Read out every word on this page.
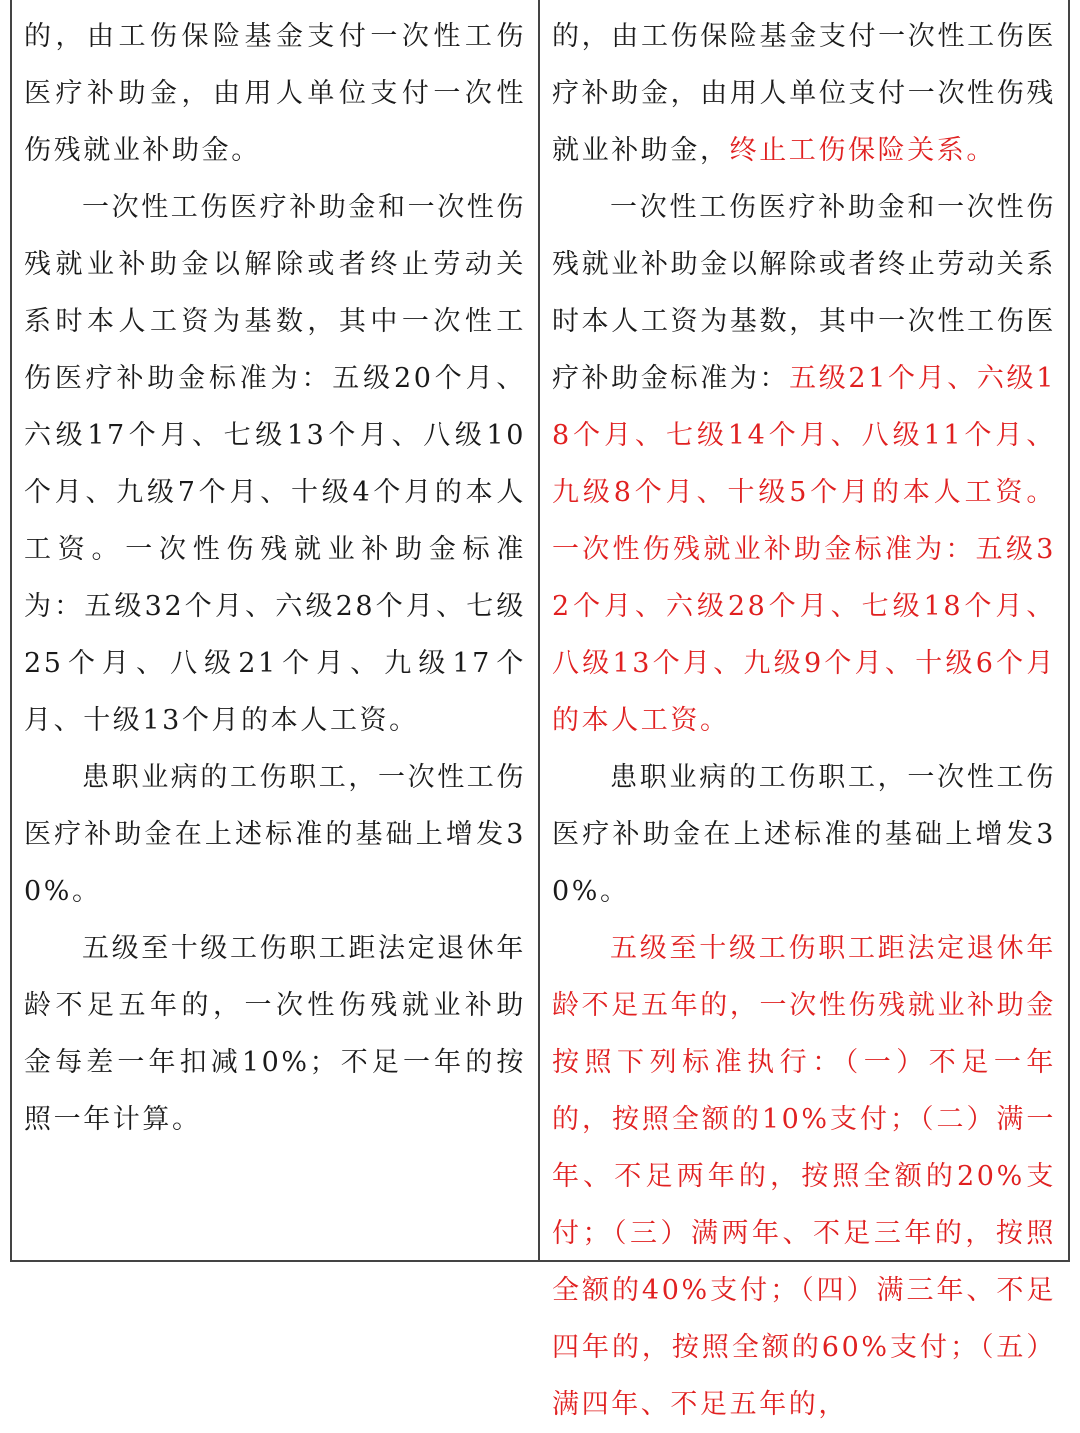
的，由工伤保险基金支付一次性工伤医疗补助金，由用人单位支付一次性伤残就业补助金。

一次性工伤医疗补助金和一次性伤残就业补助金以解除或者终止劳动关系时本人工资为基数，其中一次性工伤医疗补助金标准为：五级20个月、六级17个月、七级13个月、八级10个月、九级7个月、十级4个月的本人工资。一次性伤残就业补助金标准为：五级32个月、六级28个月、七级25个月、八级21个月、九级17个月、十级13个月的本人工资。

患职业病的工伤职工，一次性工伤医疗补助金在上述标准的基础上增发30%。

五级至十级工伤职工距法定退休年龄不足五年的，一次性伤残就业补助金每差一年扣减10%；不足一年的按照一年计算。

的，由工伤保险基金支付一次性工伤医疗补助金，由用人单位支付一次性伤残就业补助金，终止工伤保险关系。

一次性工伤医疗补助金和一次性伤残就业补助金以解除或者终止劳动关系时本人工资为基数，其中一次性工伤医疗补助金标准为：五级21个月、六级18个月、七级14个月、八级11个月、九级8个月、十级5个月的本人工资。一次性伤残就业补助金标准为：五级32个月、六级28个月、七级18个月、八级13个月、九级9个月、十级6个月的本人工资。

患职业病的工伤职工，一次性工伤医疗补助金在上述标准的基础上增发30%。

五级至十级工伤职工距法定退休年龄不足五年的，一次性伤残就业补助金按照下列标准执行：（一）不足一年的，按照全额的10%支付；（二）满一年、不足两年的，按照全额的20%支付；（三）满两年、不足三年的，按照全额的40%支付；（四）满三年、不足四年的，按照全额的60%支付；（五）满四年、不足五年的，
